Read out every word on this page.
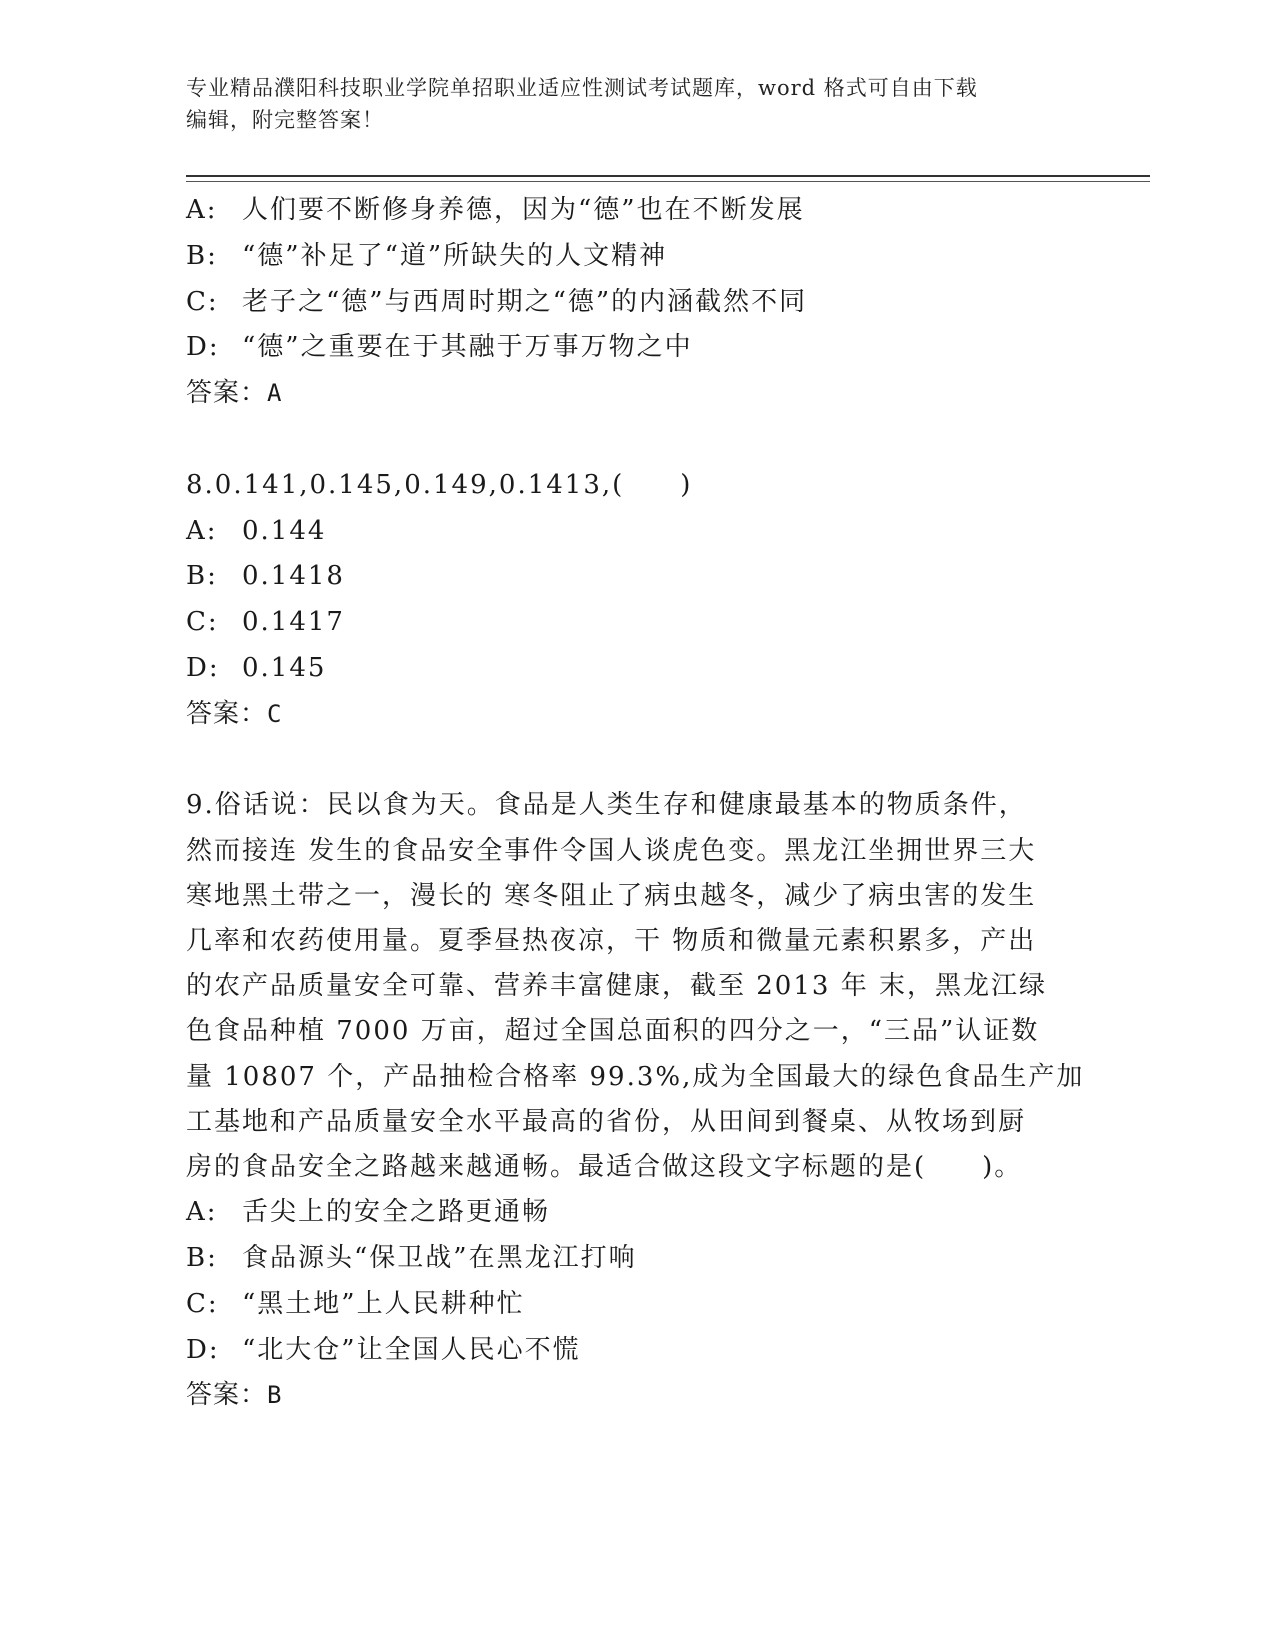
专业精品濮阳科技职业学院单招职业适应性测试考试题库，word 格式可自由下载
编辑，附完整答案！
A: 人们要不断修身养德，因为“德”也在不断发展
B: “德”补足了“道”所缺失的人文精神
C: 老子之“德”与西周时期之“德”的内涵截然不同
D: “德”之重要在于其融于万事万物之中
答案：A
8.0.141,0.145,0.149,0.1413,(　　)
A: 0.144
B: 0.1418
C: 0.1417
D: 0.145
答案：C
9.俗话说：民以食为天。食品是人类生存和健康最基本的物质条件，
然而接连 发生的食品安全事件令国人谈虎色变。黑龙江坐拥世界三大
寒地黑土带之一，漫长的 寒冬阻止了病虫越冬，减少了病虫害的发生
几率和农药使用量。夏季昼热夜凉，干 物质和微量元素积累多，产出
的农产品质量安全可靠、营养丰富健康，截至 2013 年 末，黑龙江绿
色食品种植 7000 万亩，超过全国总面积的四分之一，“三品”认证数
量 10807 个，产品抽检合格率 99.3%,成为全国最大的绿色食品生产加
工基地和产品质量安全水平最高的省份，从田间到餐桌、从牧场到厨
房的食品安全之路越来越通畅。最适合做这段文字标题的是(　　)。
A: 舌尖上的安全之路更通畅
B: 食品源头“保卫战”在黑龙江打响
C: “黑土地”上人民耕种忙
D: “北大仓”让全国人民心不慌
答案：B
